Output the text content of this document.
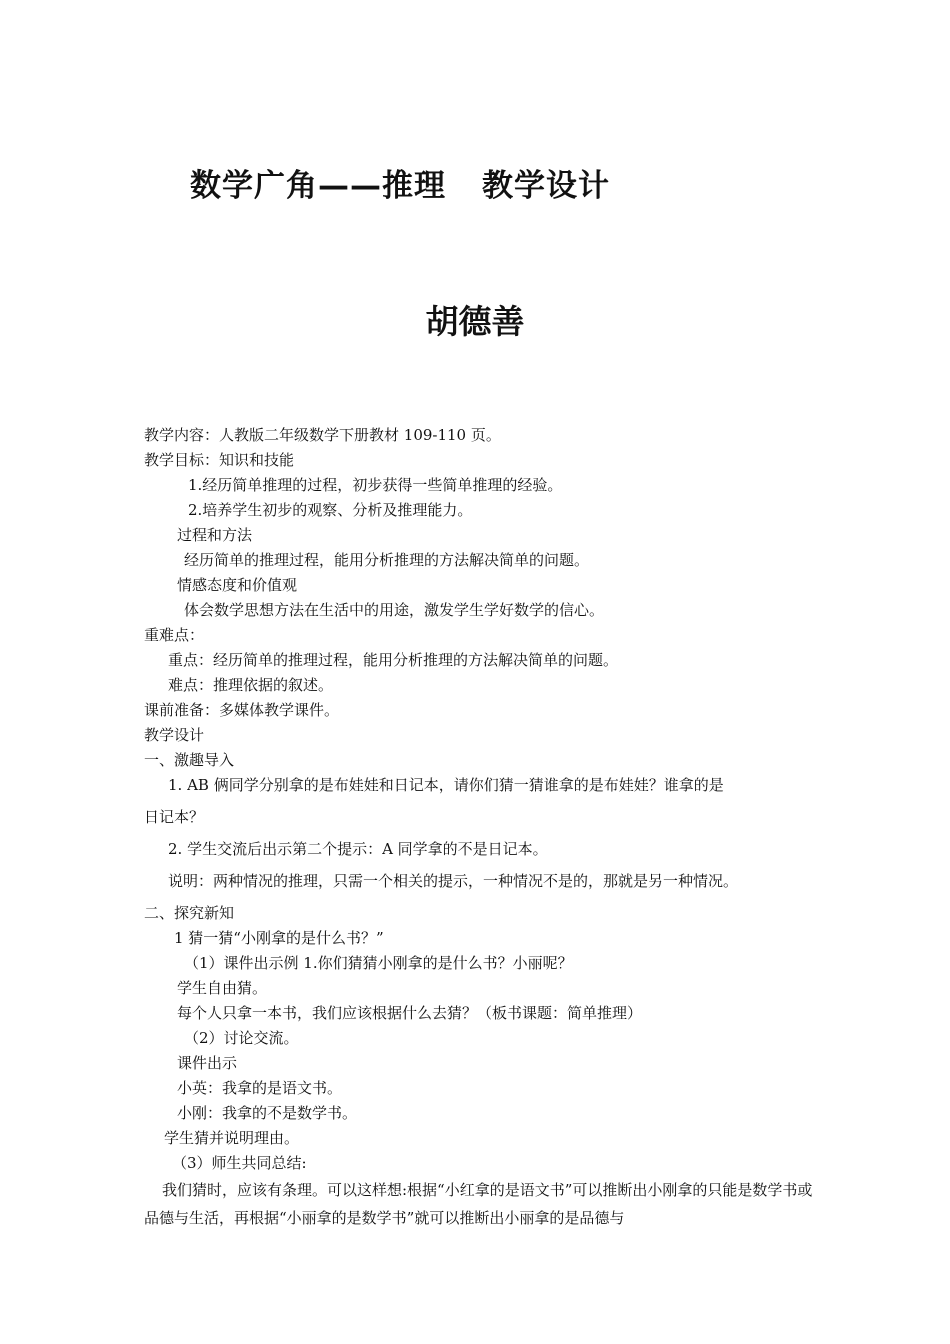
数学广角——推理 教学设计
胡德善
教学内容：人教版二年级数学下册教材 109-110 页。
教学目标：知识和技能
1.经历简单推理的过程，初步获得一些简单推理的经验。
2.培养学生初步的观察、分析及推理能力。
过程和方法
经历简单的推理过程，能用分析推理的方法解决简单的问题。
情感态度和价值观
体会数学思想方法在生活中的用途，激发学生学好数学的信心。
重难点：
重点：经历简单的推理过程，能用分析推理的方法解决简单的问题。
难点：推理依据的叙述。
课前准备：多媒体教学课件。
教学设计
一、激趣导入
1. AB 俩同学分别拿的是布娃娃和日记本，请你们猜一猜谁拿的是布娃娃？谁拿的是
日记本？
2. 学生交流后出示第二个提示：A 同学拿的不是日记本。
说明：两种情况的推理，只需一个相关的提示，一种情况不是的，那就是另一种情况。
二、探究新知
1 猜一猜“小刚拿的是什么书？”
（1）课件出示例 1.你们猜猜小刚拿的是什么书？小丽呢？
学生自由猜。
每个人只拿一本书，我们应该根据什么去猜？（板书课题：简单推理）
（2）讨论交流。
课件出示
小英：我拿的是语文书。
小刚：我拿的不是数学书。
学生猜并说明理由。
（3）师生共同总结:
我们猜时，应该有条理。可以这样想:根据“小红拿的是语文书”可以推断出小刚拿的只能是数学书或品德与生活，再根据“小丽拿的是数学书”就可以推断出小丽拿的是品德与
